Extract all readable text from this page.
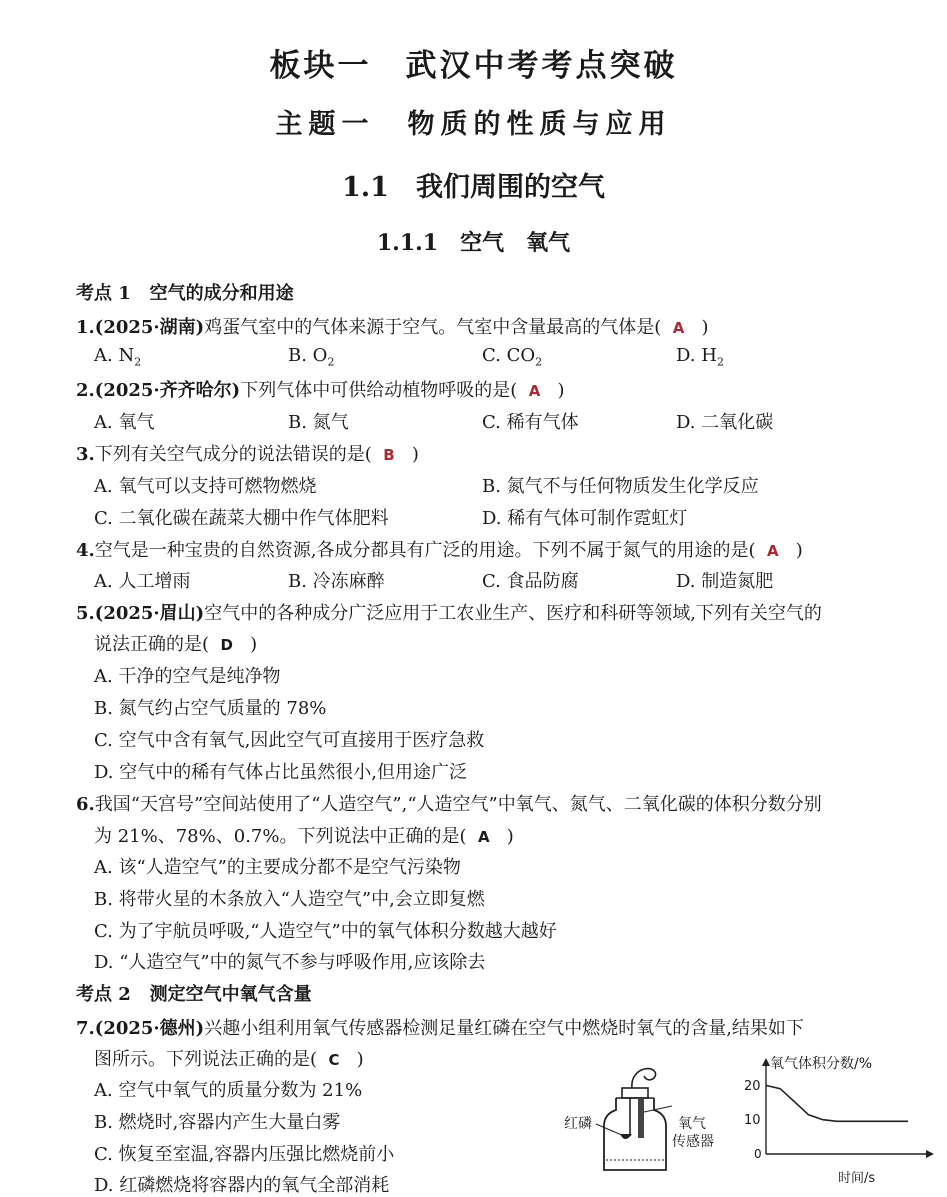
板块一　武汉中考考点突破
主题一　物质的性质与应用
1.1　我们周围的空气
1.1.1　空气　氧气
考点 1 空气的成分和用途
1.(2025·湖南)鸡蛋气室中的气体来源于空气。气室中含量最高的气体是( A )
A. $N_2$	B. $O_2$	C. $CO_2$	D. $H_2$
2.(2025·齐齐哈尔)下列气体中可供给动植物呼吸的是( A )
A. 氧气	B. 氮气	C. 稀有气体	D. 二氧化碳
3.下列有关空气成分的说法错误的是( B )
A. 氧气可以支持可燃物燃烧	B. 氮气不与任何物质发生化学反应
C. 二氧化碳在蔬菜大棚中作气体肥料	D. 稀有气体可制作霓虹灯
4.空气是一种宝贵的自然资源,各成分都具有广泛的用途。下列不属于氮气的用途的是( A )
A. 人工增雨	B. 冷冻麻醉	C. 食品防腐	D. 制造氮肥
5.(2025·眉山)空气中的各种成分广泛应用于工农业生产、医疗和科研等领域,下列有关空气的
说法正确的是( D )
A. 干净的空气是纯净物
B. 氮气约占空气质量的 78%
C. 空气中含有氧气,因此空气可直接用于医疗急救
D. 空气中的稀有气体占比虽然很小,但用途广泛
6.我国“天宫号”空间站使用了“人造空气”,“人造空气”中氧气、氮气、二氧化碳的体积分数分别
为 21%、78%、0.7%。下列说法中正确的是( A )
A. 该“人造空气”的主要成分都不是空气污染物
B. 将带火星的木条放入“人造空气”中,会立即复燃
C. 为了宇航员呼吸,“人造空气”中的氧气体积分数越大越好
D. “人造空气”中的氮气不参与呼吸作用,应该除去
考点 2 测定空气中氧气含量
7.(2025·德州)兴趣小组利用氧气传感器检测足量红磷在空气中燃烧时氧气的含量,结果如下
图所示。下列说法正确的是( C )
A. 空气中氧气的质量分数为 21%
B. 燃烧时,容器内产生大量白雾
C. 恢复至室温,容器内压强比燃烧前小
D. 红磷燃烧将容器内的氧气全部消耗
红磷	氧气
传感器
氧气体积分数/%
时间/s
0
20
10
